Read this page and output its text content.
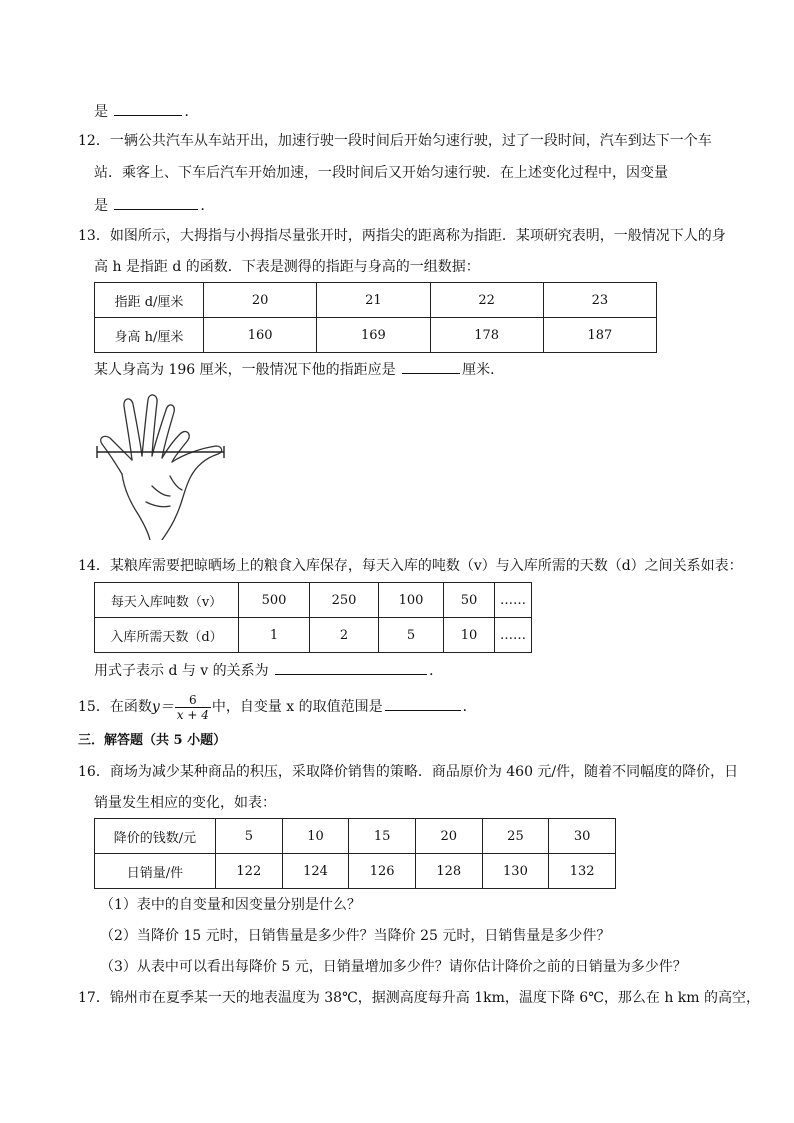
是	．
12．一辆公共汽车从车站开出，加速行驶一段时间后开始匀速行驶，过了一段时间，汽车到达下一个车
站．乘客上、下车后汽车开始加速，一段时间后又开始匀速行驶．在上述变化过程中，因变量
是	．
13．如图所示，大拇指与小拇指尽量张开时，两指尖的距离称为指距．某项研究表明，一般情况下人的身
高 h 是指距 d 的函数．下表是测得的指距与身高的一组数据：
指距 d/厘米	20	21	22	23
身高 h/厘米	160	169	178	187
某人身高为 196 厘米，一般情况下他的指距应是	厘米．
14．某粮库需要把晾晒场上的粮食入库保存，每天入库的吨数（v）与入库所需的天数（d）之间关系如表：
每天入库吨数（v）	500	250	100	50	……
入库所需天数（d）	1	2	5	10	……
用式子表示 d 与 v 的关系为	．
15．在函数$y= \frac{6}{x + 4}$ 中，自变量 x 的取值范围是	．
三．解答题（共 5 小题）
16．商场为减少某种商品的积压，采取降价销售的策略．商品原价为 460 元/件，随着不同幅度的降价，日
销量发生相应的变化，如表：
降价的钱数/元	5	10	15	20	25	30
日销量/件	122	124	126	128	130	132
（1）表中的自变量和因变量分别是什么？
（2）当降价 15 元时，日销售量是多少件？当降价 25 元时，日销售量是多少件？
（3）从表中可以看出每降价 5 元，日销量增加多少件？请你估计降价之前的日销量为多少件？
17．锦州市在夏季某一天的地表温度为 38℃，据测高度每升高 1km，温度下降 6℃，那么在 h km 的高空，
